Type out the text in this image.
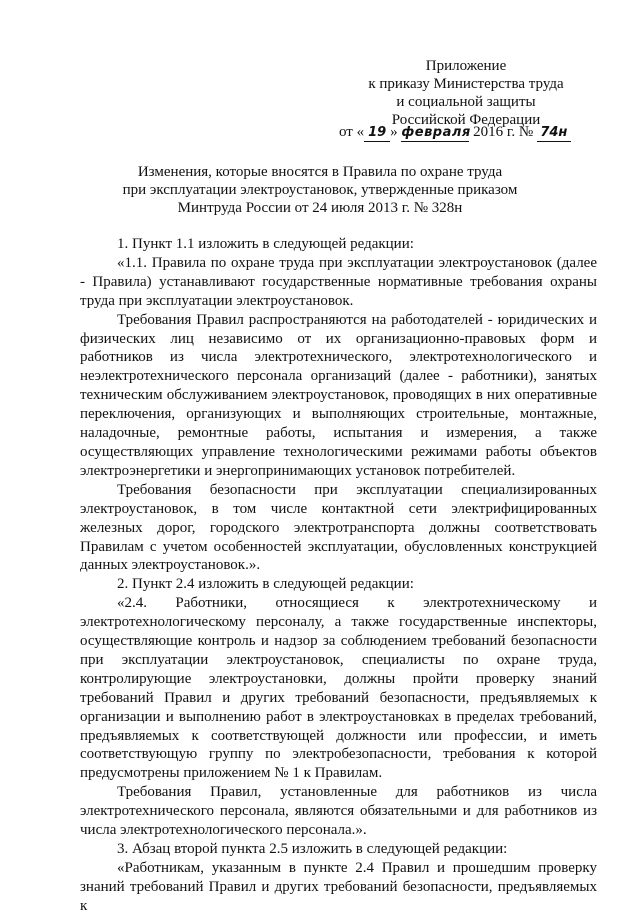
Приложение
к приказу Министерства труда
и социальной защиты
Российской Федерации
от « 19 » февраля 2016 г. № 74н
Изменения, которые вносятся в Правила по охране труда
при эксплуатации электроустановок, утвержденные приказом
Минтруда России от 24 июля 2013 г. № 328н

1. Пункт 1.1 изложить в следующей редакции:

«1.1. Правила по охране труда при эксплуатации электроустановок (далее - Правила) устанавливают государственные нормативные требования охраны труда при эксплуатации электроустановок.

Требования Правил распространяются на работодателей - юридических и физических лиц независимо от их организационно-правовых форм и работников из числа электротехнического, электротехнологического и неэлектротехнического персонала организаций (далее - работники), занятых техническим обслуживанием электроустановок, проводящих в них оперативные переключения, организующих и выполняющих строительные, монтажные, наладочные, ремонтные работы, испытания и измерения, а также осуществляющих управление технологическими режимами работы объектов электроэнергетики и энергопринимающих установок потребителей.

Требования безопасности при эксплуатации специализированных электроустановок, в том числе контактной сети электрифицированных железных дорог, городского электротранспорта должны соответствовать Правилам с учетом особенностей эксплуатации, обусловленных конструкцией данных электроустановок.».

2. Пункт 2.4 изложить в следующей редакции:

«2.4. Работники, относящиеся к электротехническому и электротехнологическому персоналу, а также государственные инспекторы, осуществляющие контроль и надзор за соблюдением требований безопасности при эксплуатации электроустановок, специалисты по охране труда, контролирующие электроустановки, должны пройти проверку знаний требований Правил и других требований безопасности, предъявляемых к организации и выполнению работ в электроустановках в пределах требований, предъявляемых к соответствующей должности или профессии, и иметь соответствующую группу по электробезопасности, требования к которой предусмотрены приложением № 1 к Правилам.

Требования Правил, установленные для работников из числа электротехнического персонала, являются обязательными и для работников из числа электротехнологического персонала.».

3. Абзац второй пункта 2.5 изложить в следующей редакции:

«Работникам, указанным в пункте 2.4 Правил и прошедшим проверку знаний требований Правил и других требований безопасности, предъявляемых к
